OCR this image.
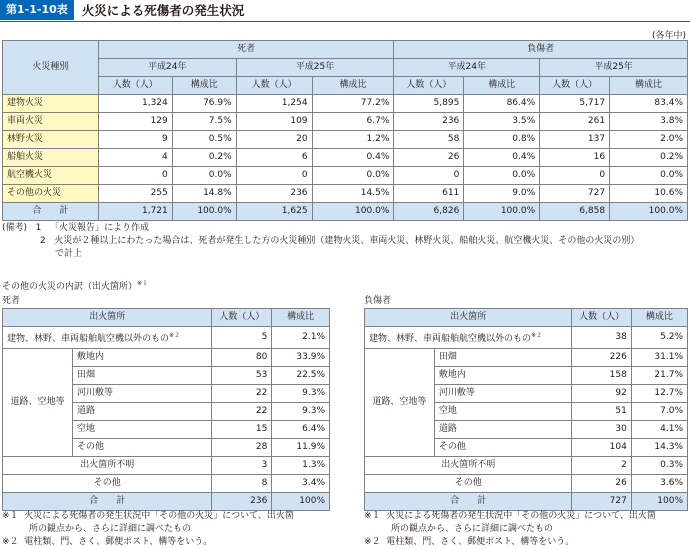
第1-1-10表	火災による死傷者の発生状況
(各年中)
火災種別	死者				負傷者			
	平成24年		平成25年		平成24年		平成25年	
	人数（人）	構成比	人数（人）	構成比	人数（人）	構成比	人数（人）	構成比
建物火災	1,324	76.9%	1,254	77.2%	5,895	86.4%	5,717	83.4%
車両火災	129	7.5%	109	6.7%	236	3.5%	261	3.8%
林野火災	9	0.5%	20	1.2%	58	0.8%	137	2.0%
船舶火災	4	0.2%	6	0.4%	26	0.4%	16	0.2%
航空機火災	0	0.0%	0	0.0%	0	0.0%	0	0.0%
その他の火災	255	14.8%	236	14.5%	611	9.0%	727	10.6%
合　　計	1,721	100.0%	1,625	100.0%	6,826	100.0%	6,858	100.0%
(備考) 1 「火災報告」により作成
2 火災が２種以上にわたった場合は、死者が発生した方の火災種別（建物火災、車両火災、林野火災、船舶火災、航空機火災、その他の火災の別）
で計上
その他の火災の内訳（出火箇所）$^{※1}$
死者	負傷者
出火箇所		人数（人）	構成比
建物、林野、車両船舶航空機以外のもの$^{※2}$		5	2.1%
道路、空地等	敷地内	80	33.9%
	田畑	53	22.5%
	河川敷等	22	9.3%
	道路	22	9.3%
	空地	15	6.4%
	その他	28	11.9%
出火箇所不明		3	1.3%
その他		8	3.4%
合　　計		236	100%
出火箇所		人数（人）	構成比
建物、林野、車両船舶航空機以外のもの$^{※2}$		38	5.2%
道路、空地等	田畑	226	31.1%
	敷地内	158	21.7%
	河川敷等	92	12.7%
	空地	51	7.0%
	道路	30	4.1%
	その他	104	14.3%
出火箇所不明		2	0.3%
その他		26	3.6%
合　　計		727	100%
※１ 火災による死傷者の発生状況中「その他の火災」について、出火箇
所の観点から、さらに詳細に調べたもの
※２ 電柱類、門、さく、郵便ポスト、構等をいう。
※１ 火災による死傷者の発生状況中「その他の火災」について、出火箇
所の観点から、さらに詳細に調べたもの
※２ 電柱類、門、さく、郵便ポスト、構等をいう。
